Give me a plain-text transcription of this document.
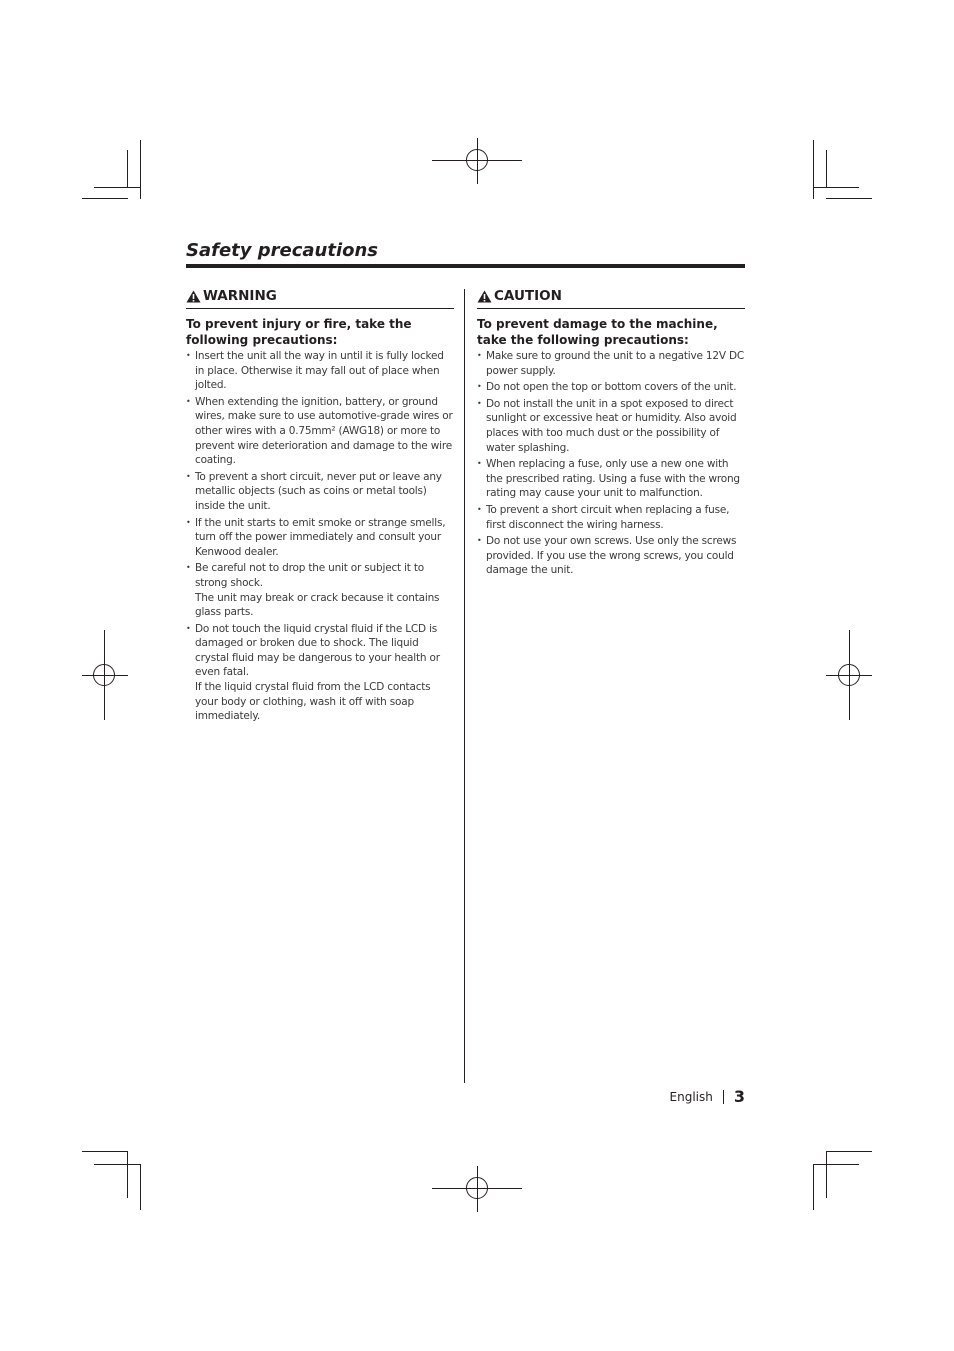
Safety precautions
WARNING
To prevent injury or fire, take the following precautions:
• Insert the unit all the way in until it is fully locked in place. Otherwise it may fall out of place when jolted.
• When extending the ignition, battery, or ground wires, make sure to use automotive-grade wires or other wires with a 0.75mm² (AWG18) or more to prevent wire deterioration and damage to the wire coating.
• To prevent a short circuit, never put or leave any metallic objects (such as coins or metal tools) inside the unit.
• If the unit starts to emit smoke or strange smells, turn off the power immediately and consult your Kenwood dealer.
• Be careful not to drop the unit or subject it to strong shock.
The unit may break or crack because it contains glass parts.
• Do not touch the liquid crystal fluid if the LCD is damaged or broken due to shock. The liquid crystal fluid may be dangerous to your health or even fatal.
If the liquid crystal fluid from the LCD contacts your body or clothing, wash it off with soap immediately.
CAUTION
To prevent damage to the machine, take the following precautions:
• Make sure to ground the unit to a negative 12V DC power supply.
• Do not open the top or bottom covers of the unit.
• Do not install the unit in a spot exposed to direct sunlight or excessive heat or humidity. Also avoid places with too much dust or the possibility of water splashing.
• When replacing a fuse, only use a new one with the prescribed rating. Using a fuse with the wrong rating may cause your unit to malfunction.
• To prevent a short circuit when replacing a fuse, first disconnect the wiring harness.
• Do not use your own screws. Use only the screws provided. If you use the wrong screws, you could damage the unit.
English 3
